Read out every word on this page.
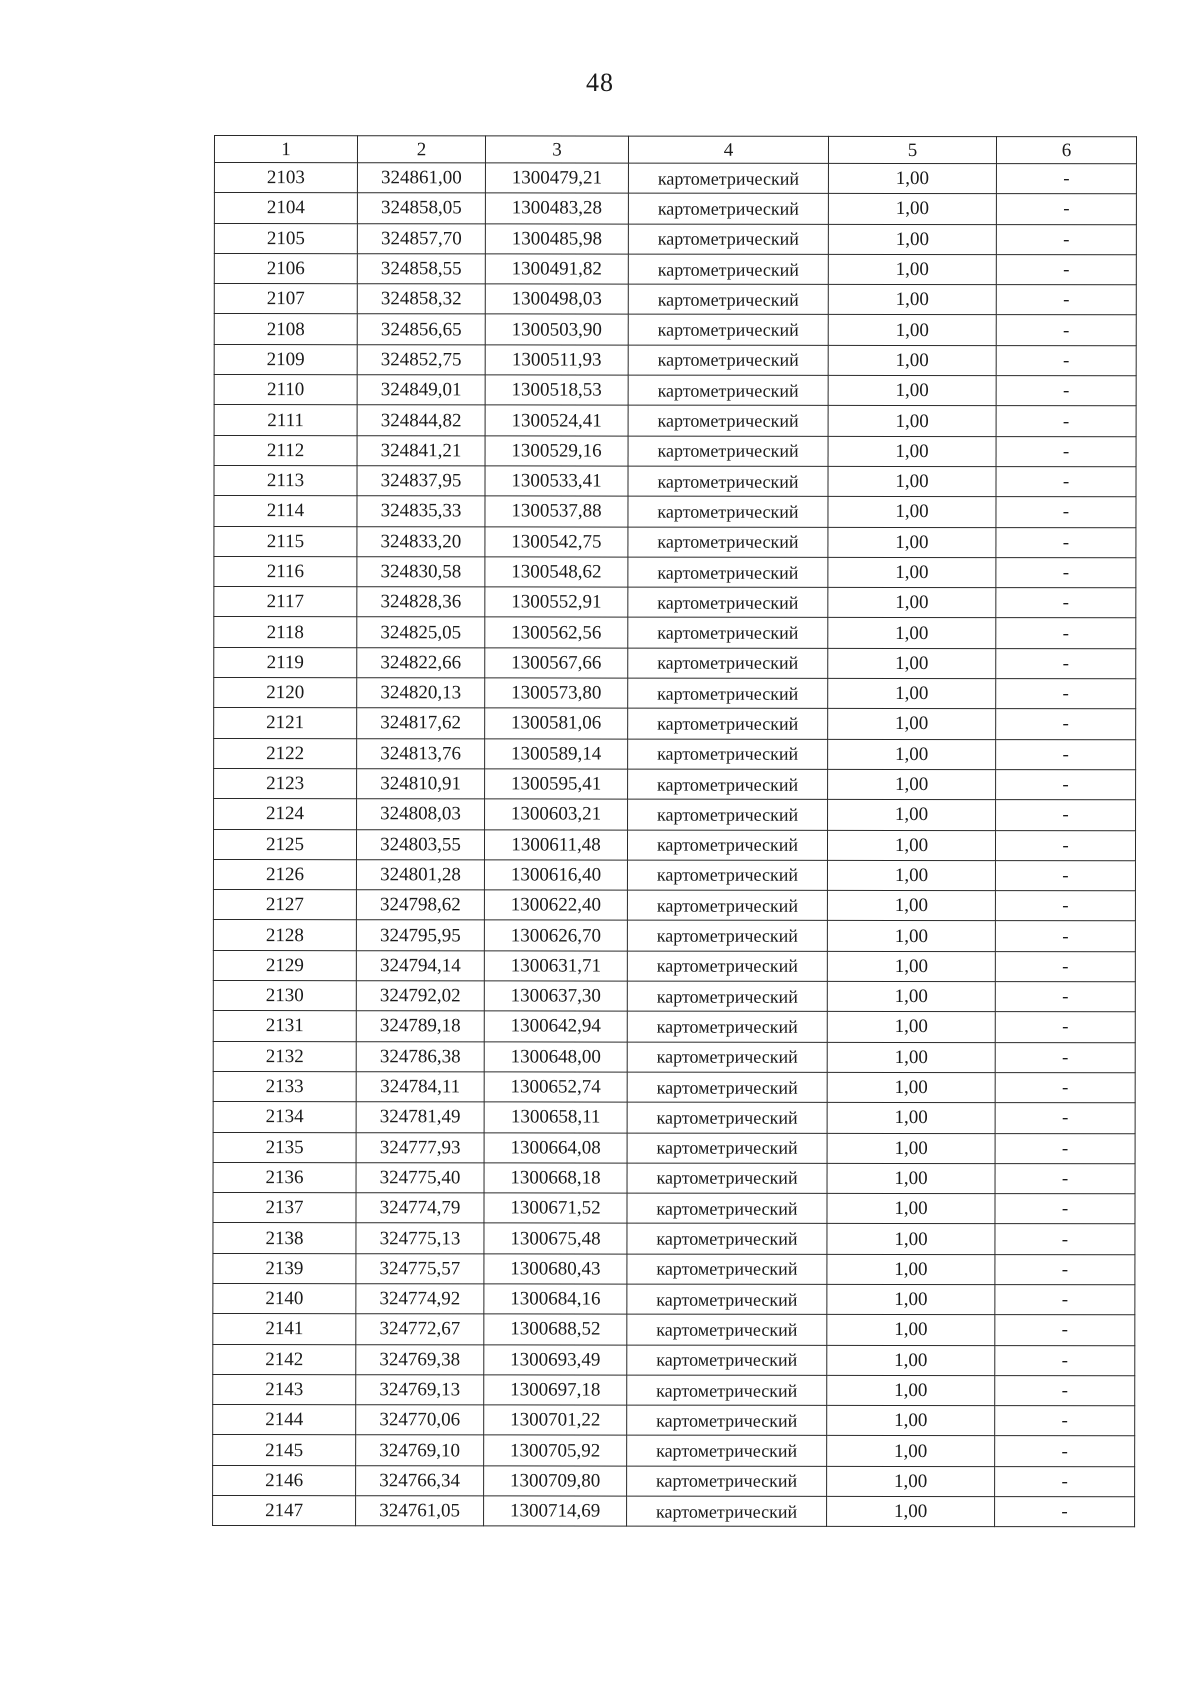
48
1	2	3	4	5	6
2103	324861,00	1300479,21	картометрический	1,00	-
2104	324858,05	1300483,28	картометрический	1,00	-
2105	324857,70	1300485,98	картометрический	1,00	-
2106	324858,55	1300491,82	картометрический	1,00	-
2107	324858,32	1300498,03	картометрический	1,00	-
2108	324856,65	1300503,90	картометрический	1,00	-
2109	324852,75	1300511,93	картометрический	1,00	-
2110	324849,01	1300518,53	картометрический	1,00	-
2111	324844,82	1300524,41	картометрический	1,00	-
2112	324841,21	1300529,16	картометрический	1,00	-
2113	324837,95	1300533,41	картометрический	1,00	-
2114	324835,33	1300537,88	картометрический	1,00	-
2115	324833,20	1300542,75	картометрический	1,00	-
2116	324830,58	1300548,62	картометрический	1,00	-
2117	324828,36	1300552,91	картометрический	1,00	-
2118	324825,05	1300562,56	картометрический	1,00	-
2119	324822,66	1300567,66	картометрический	1,00	-
2120	324820,13	1300573,80	картометрический	1,00	-
2121	324817,62	1300581,06	картометрический	1,00	-
2122	324813,76	1300589,14	картометрический	1,00	-
2123	324810,91	1300595,41	картометрический	1,00	-
2124	324808,03	1300603,21	картометрический	1,00	-
2125	324803,55	1300611,48	картометрический	1,00	-
2126	324801,28	1300616,40	картометрический	1,00	-
2127	324798,62	1300622,40	картометрический	1,00	-
2128	324795,95	1300626,70	картометрический	1,00	-
2129	324794,14	1300631,71	картометрический	1,00	-
2130	324792,02	1300637,30	картометрический	1,00	-
2131	324789,18	1300642,94	картометрический	1,00	-
2132	324786,38	1300648,00	картометрический	1,00	-
2133	324784,11	1300652,74	картометрический	1,00	-
2134	324781,49	1300658,11	картометрический	1,00	-
2135	324777,93	1300664,08	картометрический	1,00	-
2136	324775,40	1300668,18	картометрический	1,00	-
2137	324774,79	1300671,52	картометрический	1,00	-
2138	324775,13	1300675,48	картометрический	1,00	-
2139	324775,57	1300680,43	картометрический	1,00	-
2140	324774,92	1300684,16	картометрический	1,00	-
2141	324772,67	1300688,52	картометрический	1,00	-
2142	324769,38	1300693,49	картометрический	1,00	-
2143	324769,13	1300697,18	картометрический	1,00	-
2144	324770,06	1300701,22	картометрический	1,00	-
2145	324769,10	1300705,92	картометрический	1,00	-
2146	324766,34	1300709,80	картометрический	1,00	-
2147	324761,05	1300714,69	картометрический	1,00	-
